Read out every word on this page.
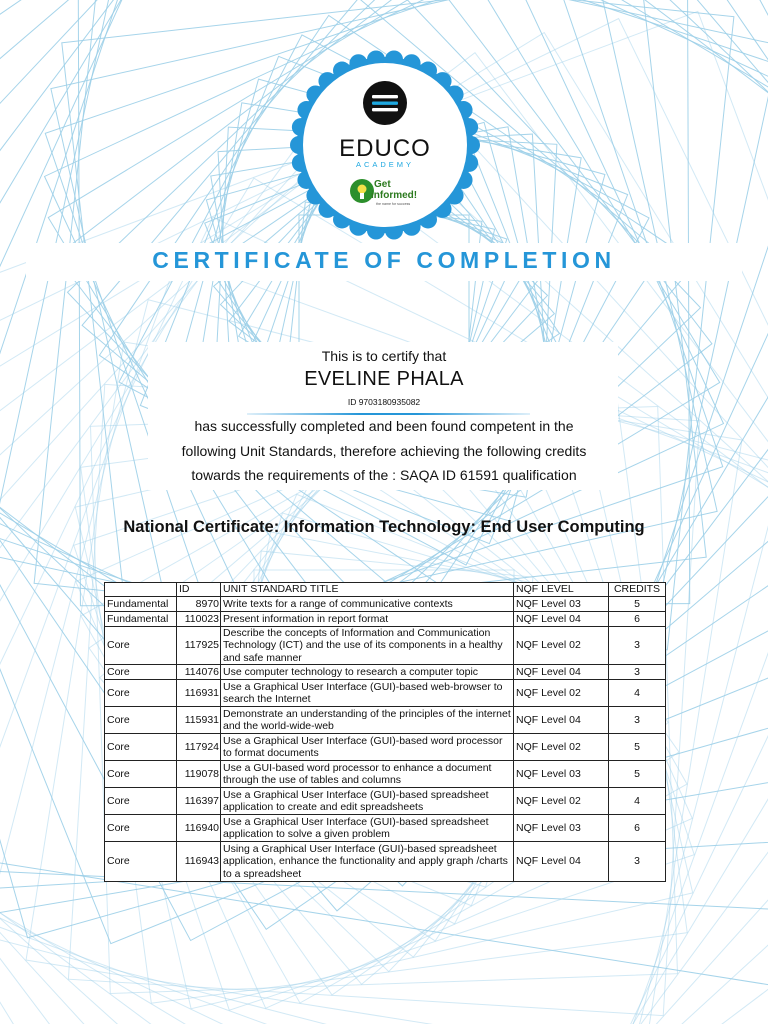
EDUCO
ACADEMY
Get
informed!
the name for success
CERTIFICATE OF COMPLETION
This is to certify that
EVELINE PHALA
ID 9703180935082
has successfully completed and been found competent in the
following Unit Standards, therefore achieving the following credits
towards the requirements of the : SAQA ID 61591 qualification
National Certificate: Information Technology: End User Computing
	ID	UNIT STANDARD TITLE	NQF LEVEL	CREDITS
Fundamental	8970	Write texts for a range of communicative contexts	NQF Level 03	5
Fundamental	110023	Present information in report format	NQF Level 04	6
Core	117925	Describe the concepts of Information and Communication Technology (ICT) and the use of its components in a healthy and safe manner	NQF Level 02	3
Core	114076	Use computer technology to research a computer topic	NQF Level 04	3
Core	116931	Use a Graphical User Interface (GUI)-based web-browser to search the Internet	NQF Level 02	4
Core	115931	Demonstrate an understanding of the principles of the internet and the world-wide-web	NQF Level 04	3
Core	117924	Use a Graphical User Interface (GUI)-based word processor to format documents	NQF Level 02	5
Core	119078	Use a GUI-based word processor to enhance a document through the use of tables and columns	NQF Level 03	5
Core	116397	Use a Graphical User Interface (GUI)-based spreadsheet application to create and edit spreadsheets	NQF Level 02	4
Core	116940	Use a Graphical User Interface (GUI)-based spreadsheet application to solve a given problem	NQF Level 03	6
Core	116943	Using a Graphical User Interface (GUI)-based spreadsheet application, enhance the functionality and apply graph /charts to a spreadsheet	NQF Level 04	3
